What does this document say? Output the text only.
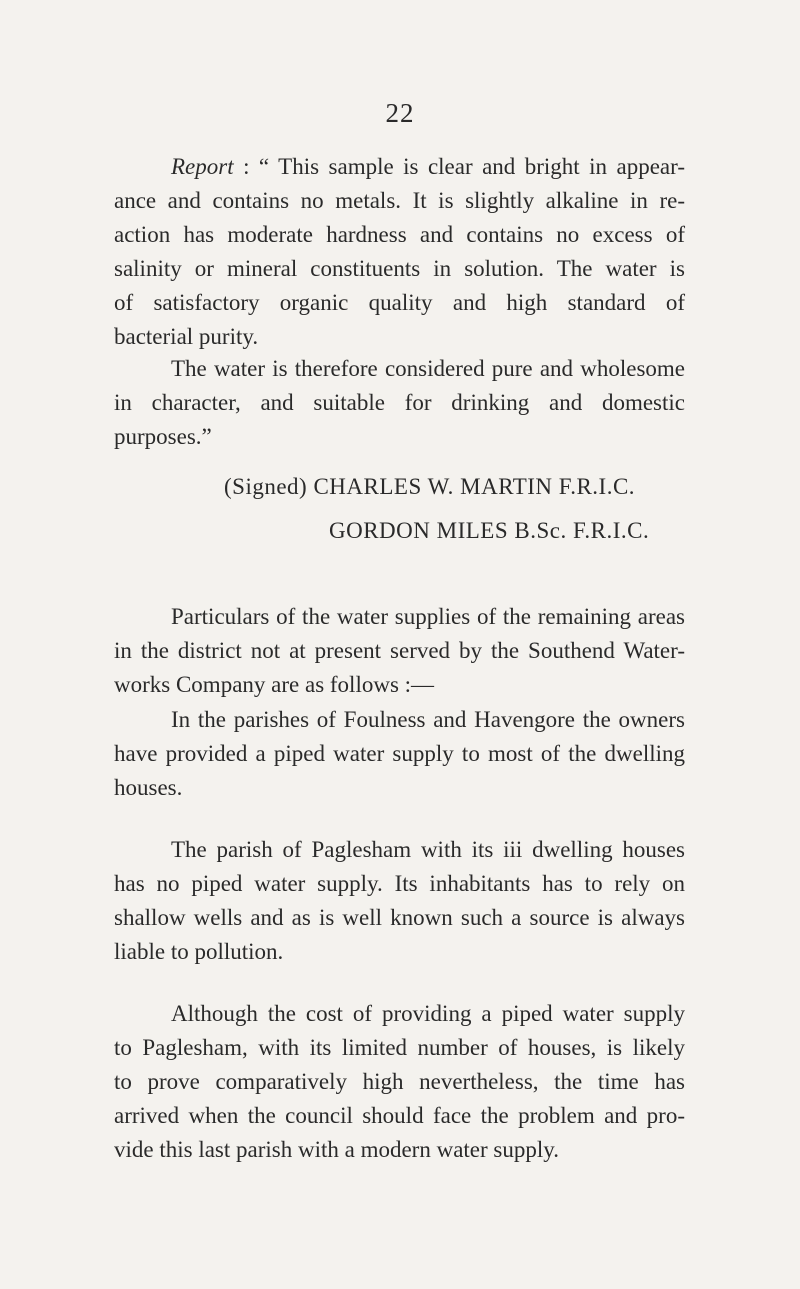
22
Report : “ This sample is clear and bright in appear-
ance and contains no metals. It is slightly alkaline in re-
action has moderate hardness and contains no excess of
salinity or mineral constituents in solution. The water is
of satisfactory organic quality and high standard of
bacterial purity.
The water is therefore considered pure and wholesome
in character, and suitable for drinking and domestic
purposes.”
(Signed) CHARLES W. MARTIN F.R.I.C.
GORDON MILES B.Sc. F.R.I.C.
Particulars of the water supplies of the remaining areas
in the district not at present served by the Southend Water-
works Company are as follows :—
In the parishes of Foulness and Havengore the owners
have provided a piped water supply to most of the dwelling
houses.
The parish of Paglesham with its iii dwelling houses
has no piped water supply. Its inhabitants has to rely on
shallow wells and as is well known such a source is always
liable to pollution.
Although the cost of providing a piped water supply
to Paglesham, with its limited number of houses, is likely
to prove comparatively high nevertheless, the time has
arrived when the council should face the problem and pro-
vide this last parish with a modern water supply.
